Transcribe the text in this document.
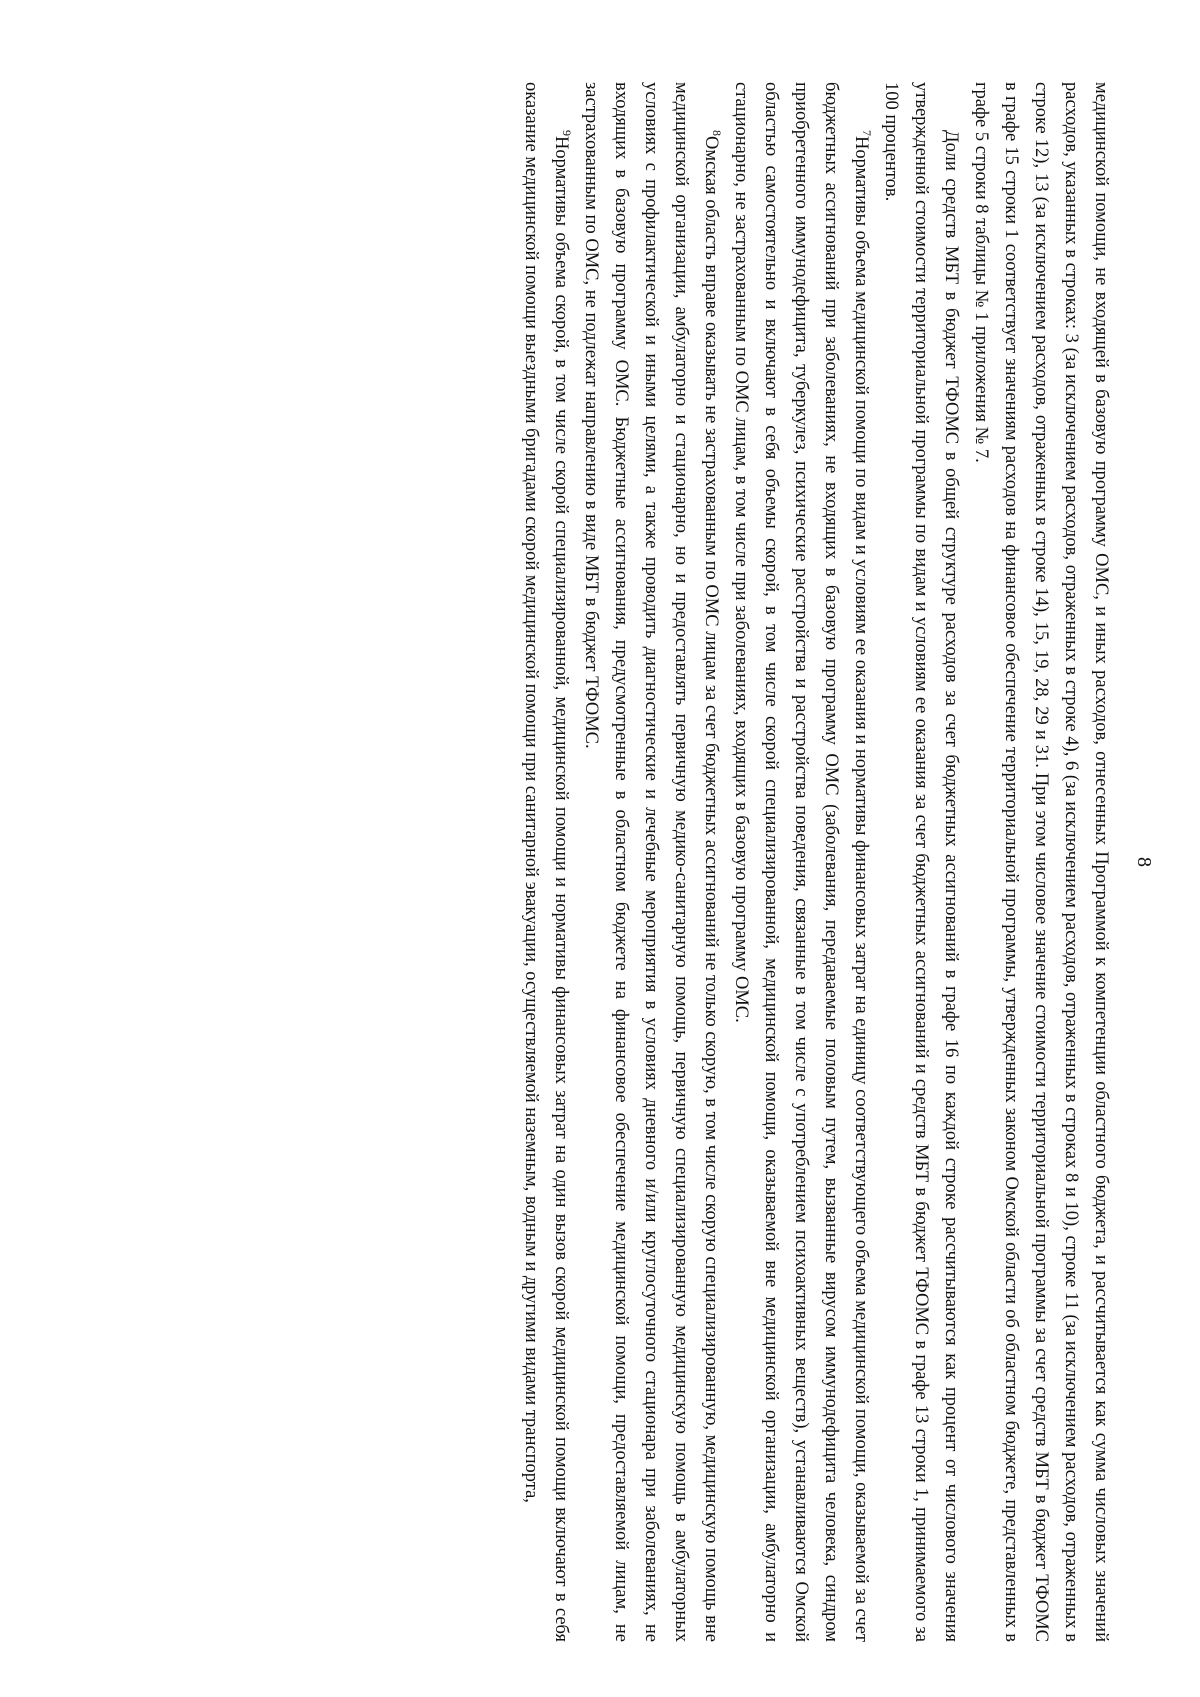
8

медицинской помощи, не входящей в базовую программу ОМС, и иных расходов, отнесенных Программой к компетенции областного бюджета, и рассчитывается как сумма числовых значений расходов, указанных в строках: 3 (за исключением расходов, отраженных в строке 4), 6 (за исключением расходов, отраженных в строках 8 и 10), строке 11 (за исключением расходов, отраженных в строке 12), 13 (за исключением расходов, отраженных в строке 14), 15, 19, 28, 29 и 31. При этом числовое значение стоимости территориальной программы за счет средств МБТ в бюджет ТФОМС в графе 15 строки 1 соответствует значениям расходов на финансовое обеспечение территориальной программы, утвержденных законом Омской области об областном бюджете, представленных в графе 5 строки 8 таблицы № 1 приложения № 7.

Доли средств МБТ в бюджет ТФОМС в общей структуре расходов за счет бюджетных ассигнований в графе 16 по каждой строке рассчитываются как процент от числового значения утвержденной стоимости территориальной программы по видам и условиям ее оказания за счет бюджетных ассигнований и средств МБТ в бюджет ТФОМС в графе 13 строки 1, принимаемого за 100 процентов.

$^7$Нормативы объема медицинской помощи по видам и условиям ее оказания и нормативы финансовых затрат на единицу соответствующего объема медицинской помощи, оказываемой за счет бюджетных ассигнований при заболеваниях, не входящих в базовую программу ОМС (заболевания, передаваемые половым путем, вызванные вирусом иммунодефицита человека, синдром приобретенного иммунодефицита, туберкулез, психические расстройства и расстройства поведения, связанные в том числе с употреблением психоактивных веществ), устанавливаются Омской областью самостоятельно и включают в себя объемы скорой, в том числе скорой специализированной, медицинской помощи, оказываемой вне медицинской организации, амбулаторно и стационарно, не застрахованным по ОМС лицам, в том числе при заболеваниях, входящих в базовую программу ОМС.

$^8$Омская область вправе оказывать не застрахованным по ОМС лицам за счет бюджетных ассигнований не только скорую, в том числе скорую специализированную, медицинскую помощь вне медицинской организации, амбулаторно и стационарно, но и предоставлять первичную медико-санитарную помощь, первичную специализированную медицинскую помощь в амбулаторных условиях с профилактической и иными целями, а также проводить диагностические и лечебные мероприятия в условиях дневного и/или круглосуточного стационара при заболеваниях, не входящих в базовую программу ОМС. Бюджетные ассигнования, предусмотренные в областном бюджете на финансовое обеспечение медицинской помощи, предоставляемой лицам, не застрахованным по ОМС, не подлежат направлению в виде МБТ в бюджет ТФОМС.

$^9$Нормативы объема скорой, в том числе скорой специализированной, медицинской помощи и нормативы финансовых затрат на один вызов скорой медицинской помощи включают в себя оказание медицинской помощи выездными бригадами скорой медицинской помощи при санитарной эвакуации, осуществляемой наземным, водным и другими видами транспорта,
